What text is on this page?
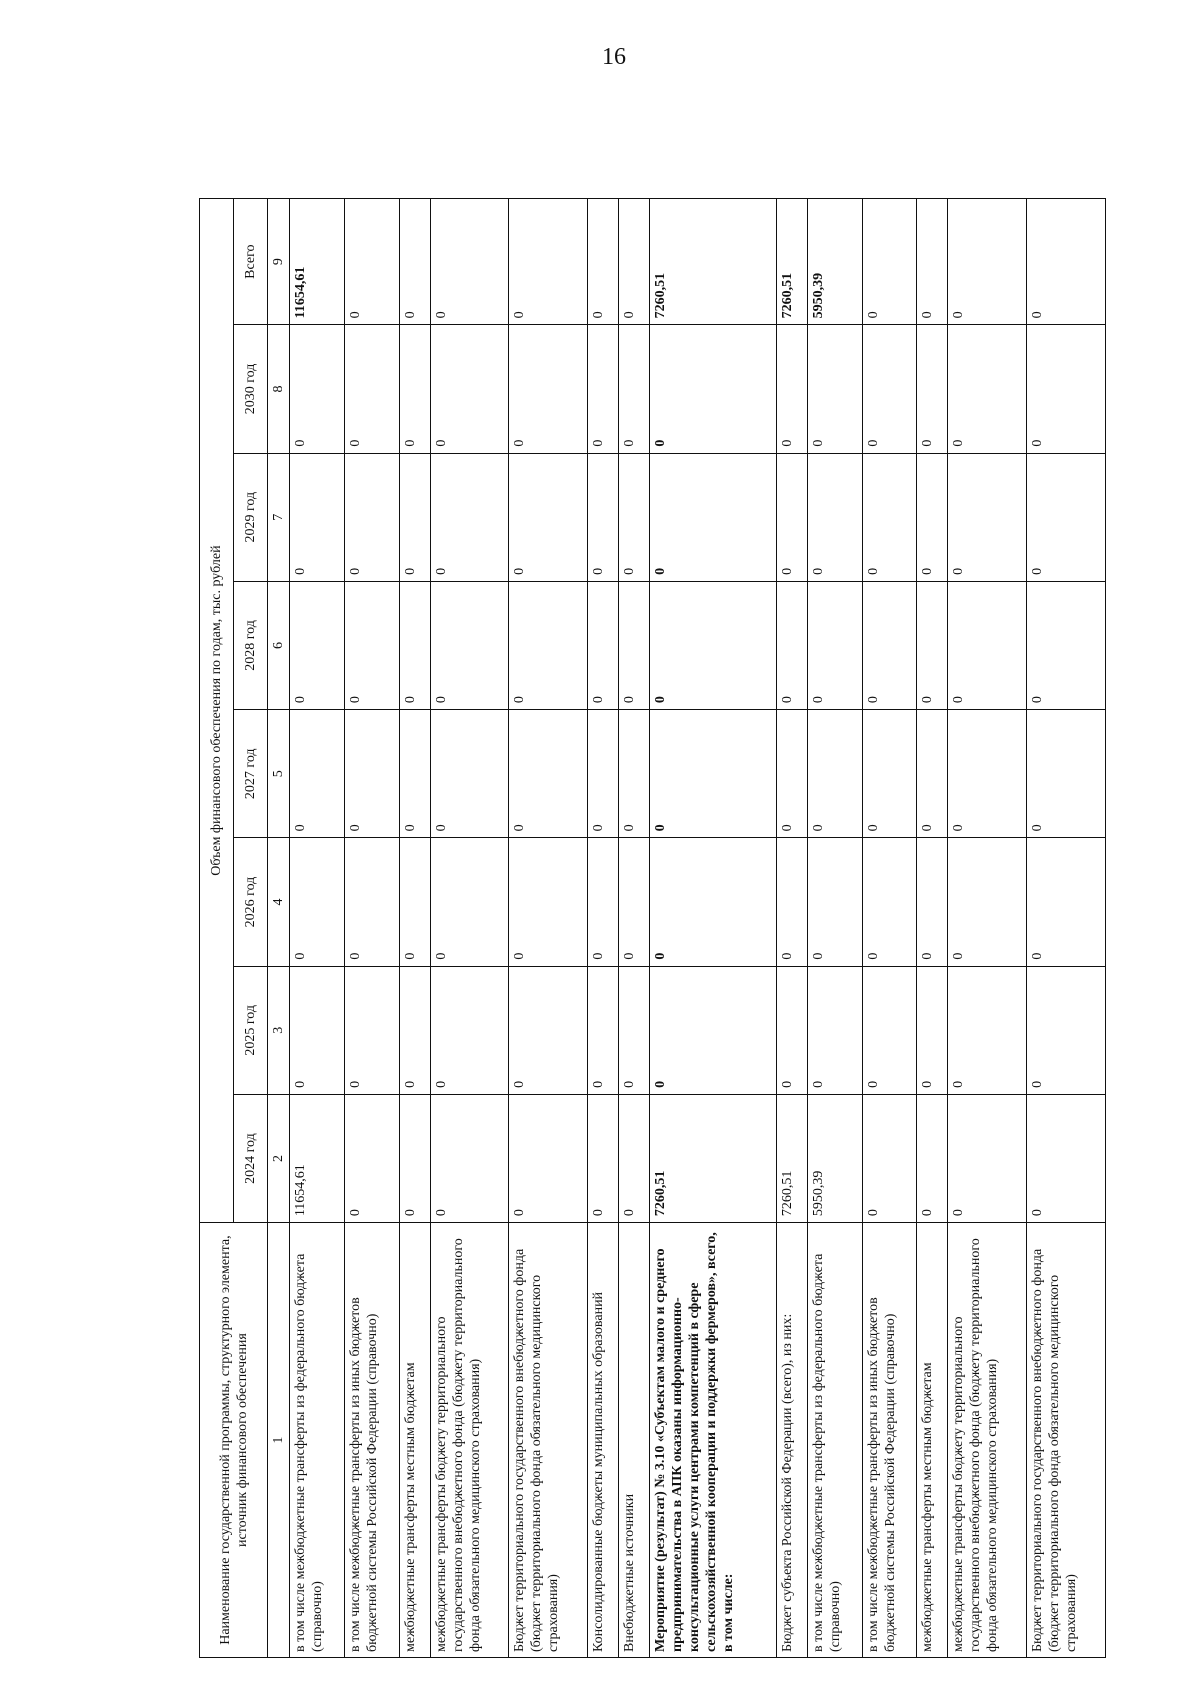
16
Наименование государственной программы, структурного элемента, источник финансового обеспечения	Объем финансового обеспечения по годам, тыс. рублей							
	2024 год	2025 год	2026 год	2027 год	2028 год	2029 год	2030 год	Всего
1	2	3	4	5	6	7	8	9
в том числе межбюджетные трансферты из федерального бюджета (справочно)	11654,61	0	0	0	0	0	0	11654,61
в том числе межбюджетные трансферты из иных бюджетов бюджетной системы Российской Федерации (справочно)	0	0	0	0	0	0	0	0
межбюджетные трансферты местным бюджетам	0	0	0	0	0	0	0	0
межбюджетные трансферты бюджету территориального государственного внебюджетного фонда (бюджету территориального фонда обязательного медицинского страхования)	0	0	0	0	0	0	0	0
Бюджет территориального государственного внебюджетного фонда (бюджет территориального фонда обязательного медицинского страхования)	0	0	0	0	0	0	0	0
Консолидированные бюджеты муниципальных образований	0	0	0	0	0	0	0	0
Внебюджетные источники	0	0	0	0	0	0	0	0
Мероприятие (результат) № 3.10 «Субъектам малого и среднего предпринимательства в АПК оказаны информационно-консультационные услуги центрами компетенций в сфере сельскохозяйственной кооперации и поддержки фермеров», всего, в том числе:	7260,51	0	0	0	0	0	0	7260,51
Бюджет субъекта Российской Федерации (всего), из них:	7260,51	0	0	0	0	0	0	7260,51
в том числе межбюджетные трансферты из федерального бюджета (справочно)	5950,39	0	0	0	0	0	0	5950,39
в том числе межбюджетные трансферты из иных бюджетов бюджетной системы Российской Федерации (справочно)	0	0	0	0	0	0	0	0
межбюджетные трансферты местным бюджетам	0	0	0	0	0	0	0	0
межбюджетные трансферты бюджету территориального государственного внебюджетного фонда (бюджету территориального фонда обязательного медицинского страхования)	0	0	0	0	0	0	0	0
Бюджет территориального государственного внебюджетного фонда (бюджет территориального фонда обязательного медицинского страхования)	0	0	0	0	0	0	0	0
